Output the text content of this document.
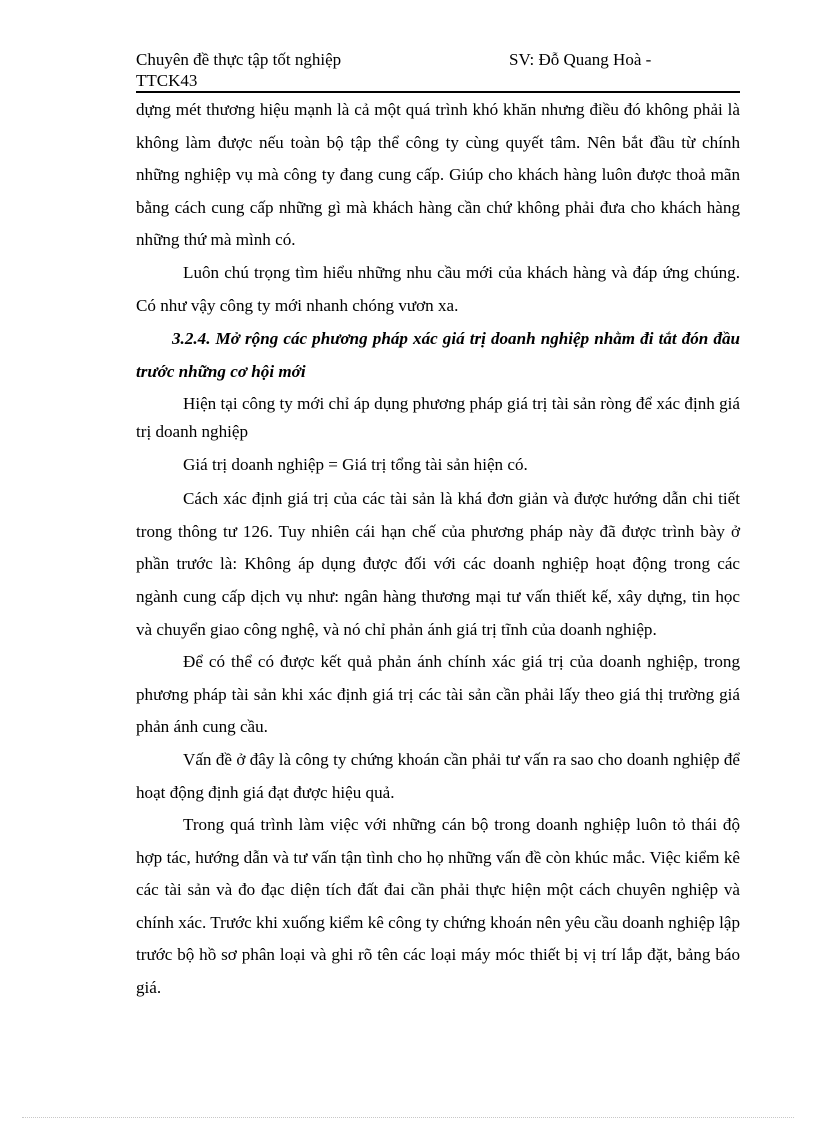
Chuyên đề thực tập tốt nghiệp	SV: Đỗ Quang Hoà -
TTCK43

dựng mét thương hiệu mạnh là cả một quá trình khó khăn nhưng điều đó không phải là không làm được nếu toàn bộ tập thể công ty cùng quyết tâm. Nên bắt đầu từ chính những nghiệp vụ mà công ty đang cung cấp. Giúp cho khách hàng luôn được thoả mãn bằng cách cung cấp những gì mà khách hàng cần chứ không phải đưa cho khách hàng những thứ mà mình có.

Luôn chú trọng tìm hiểu những nhu cầu mới của khách hàng và đáp ứng chúng. Có như vậy công ty mới nhanh chóng vươn xa.

3.2.4. Mở rộng các phương pháp xác giá trị doanh nghiệp nhằm đi tắt đón đầu trước những cơ hội mới

Hiện tại công ty mới chỉ áp dụng phương pháp giá trị tài sản ròng để xác định giá trị doanh nghiệp

Giá trị doanh nghiệp = Giá trị tổng tài sản hiện có.

Cách xác định giá trị của các tài sản là khá đơn giản và được hướng dẫn chi tiết trong thông tư 126. Tuy nhiên cái hạn chế của phương pháp này đã được trình bày ở phần trước là: Không áp dụng được đối với các doanh nghiệp hoạt động trong các ngành cung cấp dịch vụ như: ngân hàng thương mại tư vấn thiết kế, xây dựng, tin học và chuyển giao công nghệ, và nó chỉ phản ánh giá trị tĩnh của doanh nghiệp.

Để có thể có được kết quả phản ánh chính xác giá trị của doanh nghiệp, trong phương pháp tài sản khi xác định giá trị các tài sản cần phải lấy theo giá thị trường giá phản ánh cung cầu.

Vấn đề ở đây là công ty chứng khoán cần phải tư vấn ra sao cho doanh nghiệp để hoạt động định giá đạt được hiệu quả.

Trong quá trình làm việc với những cán bộ trong doanh nghiệp luôn tỏ thái độ hợp tác, hướng dẫn và tư vấn tận tình cho họ những vấn đề còn khúc mắc. Việc kiểm kê các tài sản và đo đạc diện tích đất đai cần phải thực hiện một cách chuyên nghiệp và chính xác. Trước khi xuống kiểm kê công ty chứng khoán nên yêu cầu doanh nghiệp lập trước bộ hồ sơ phân loại và ghi rõ tên các loại máy móc thiết bị vị trí lắp đặt, bảng báo giá.
